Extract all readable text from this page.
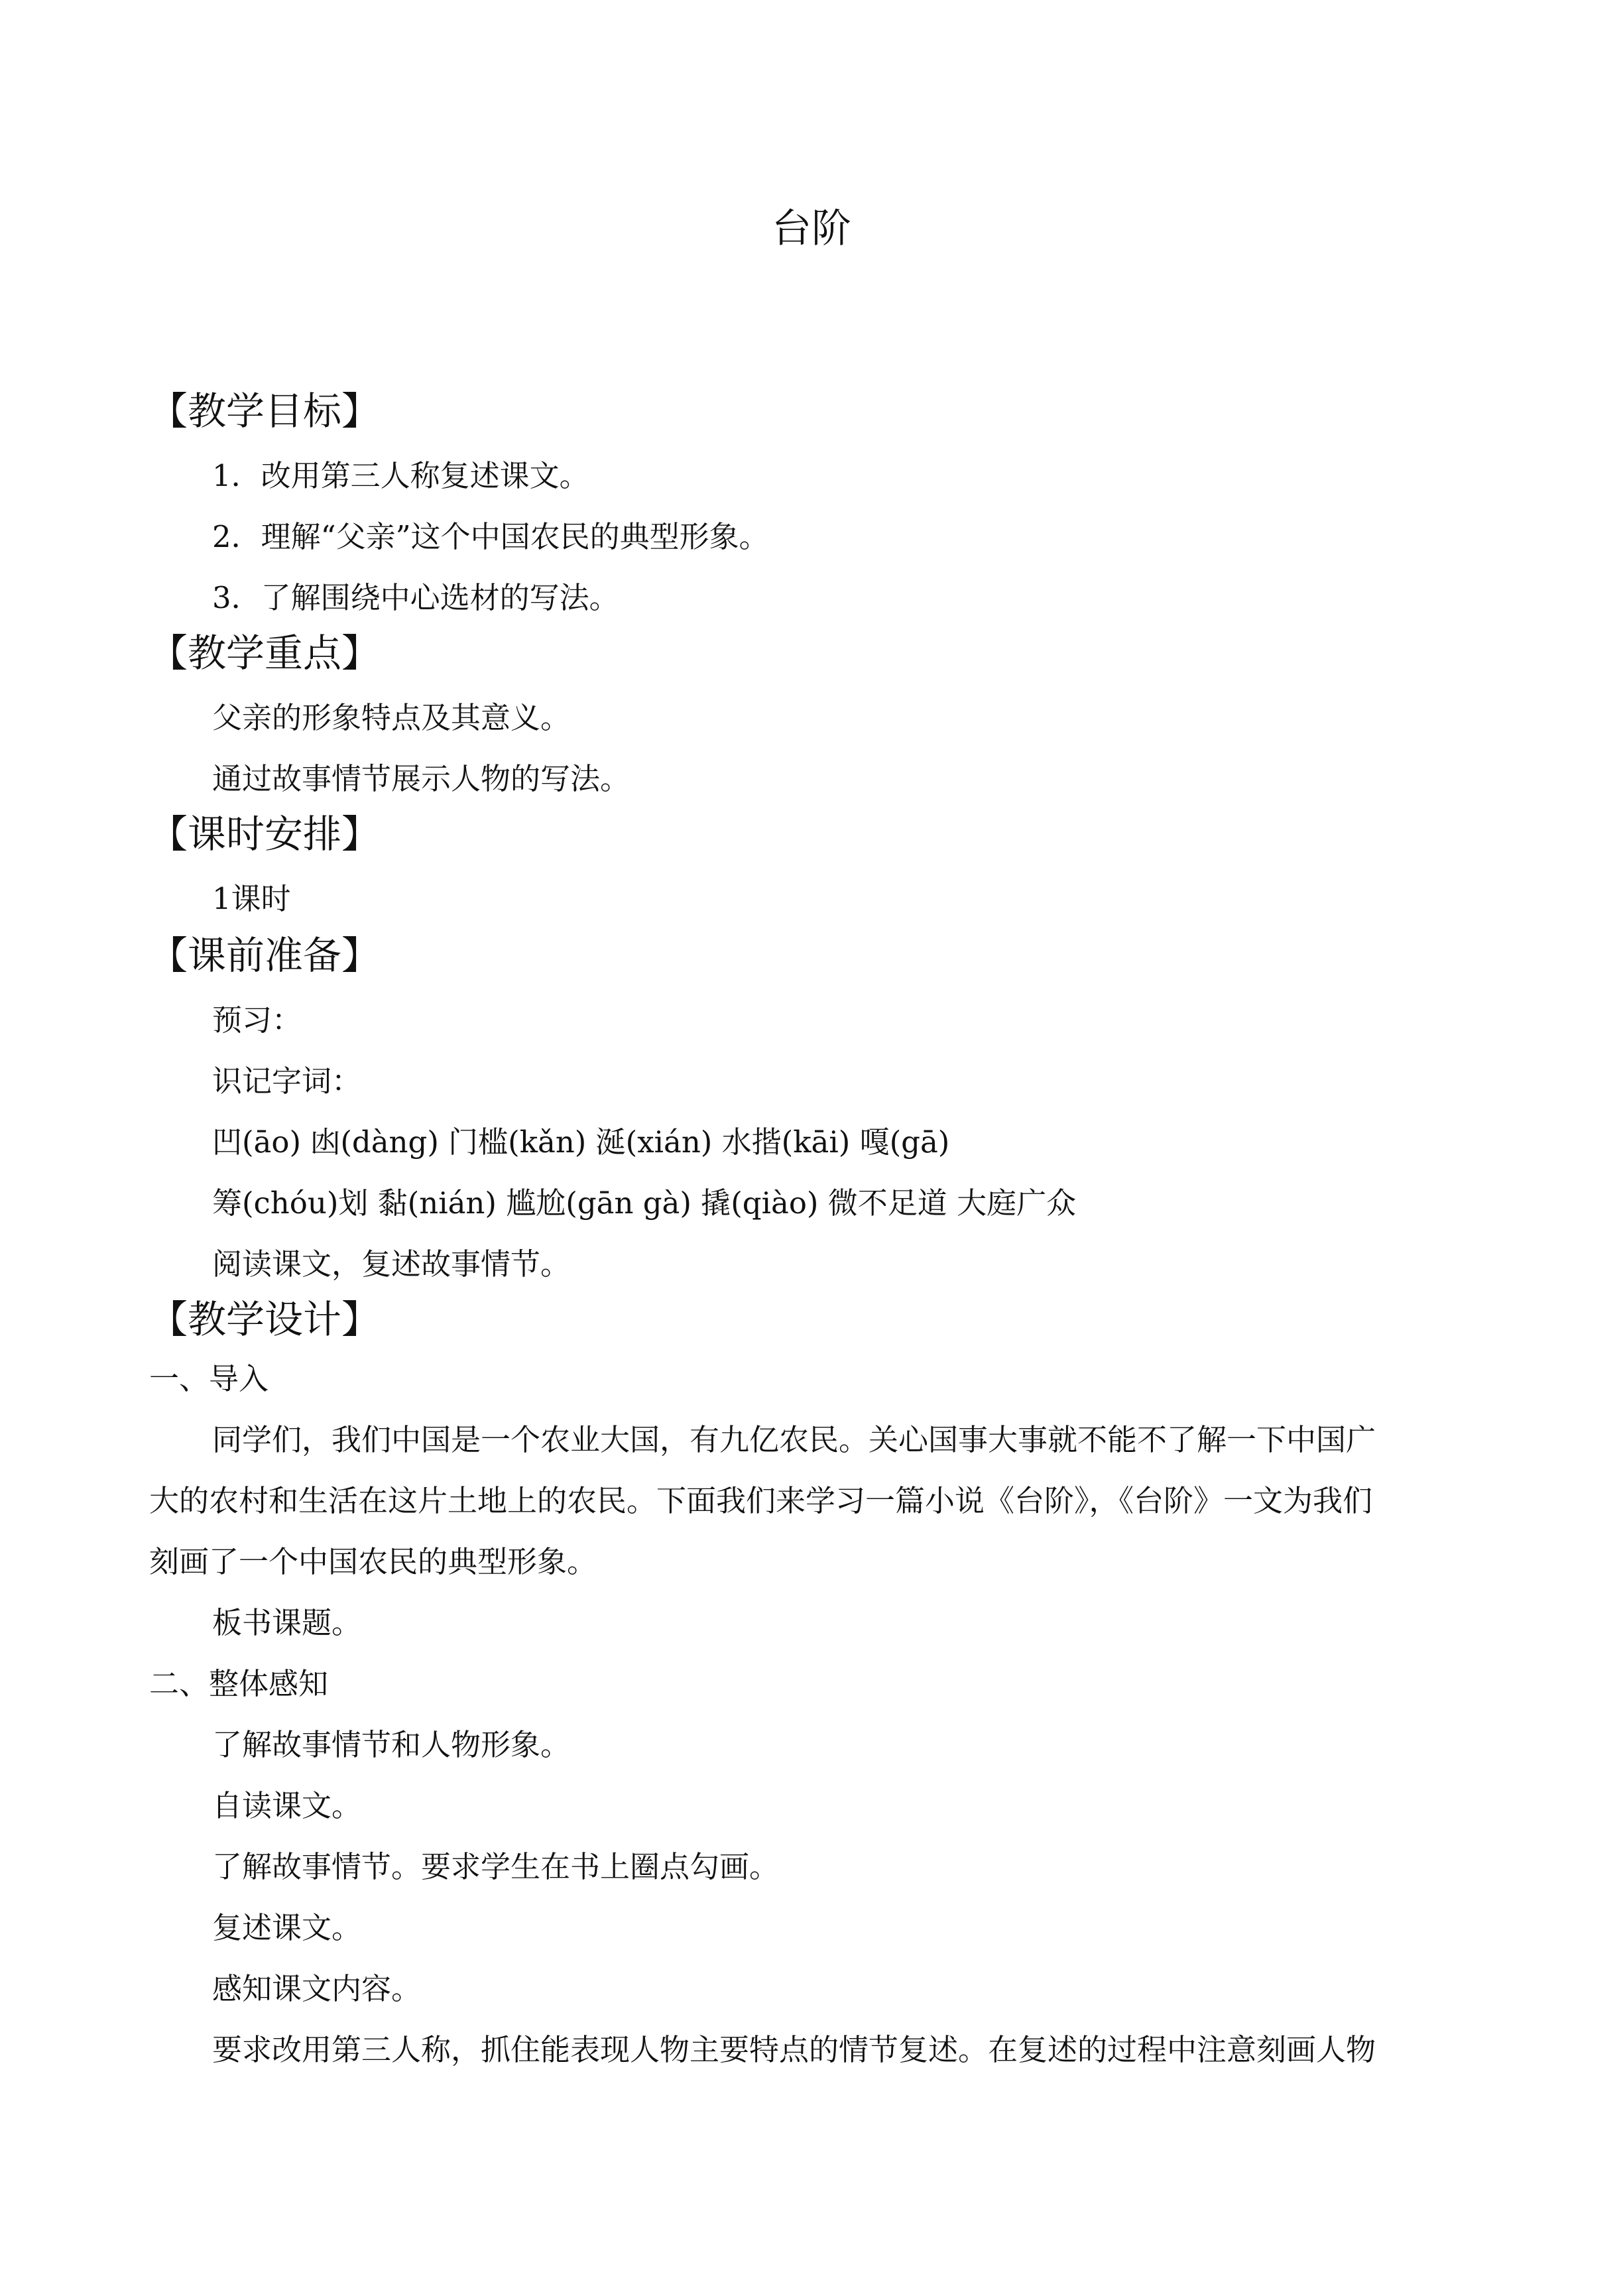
台阶
【教学目标】

1．改用第三人称复述课文。

2．理解“父亲”这个中国农民的典型形象。

3．了解围绕中心选材的写法。

【教学重点】

父亲的形象特点及其意义。

通过故事情节展示人物的写法。

【课时安排】

1课时

【课前准备】

预习：

识记字词：

凹(āo) 凼(dàng) 门槛(kǎn) 涎(xián) 水揩(kāi) 嘎(gā)

筹(chóu)划 黏(nián) 尴尬(gān gà) 撬(qiào) 微不足道 大庭广众

阅读课文，复述故事情节。

【教学设计】

一、导入

同学们，我们中国是一个农业大国，有九亿农民。关心国事大事就不能不了解一下中国广

大的农村和生活在这片土地上的农民。下面我们来学习一篇小说《台阶》，《台阶》一文为我们

刻画了一个中国农民的典型形象。

板书课题。

二、整体感知

了解故事情节和人物形象。

自读课文。

了解故事情节。要求学生在书上圈点勾画。

复述课文。

感知课文内容。

要求改用第三人称，抓住能表现人物主要特点的情节复述。在复述的过程中注意刻画人物
